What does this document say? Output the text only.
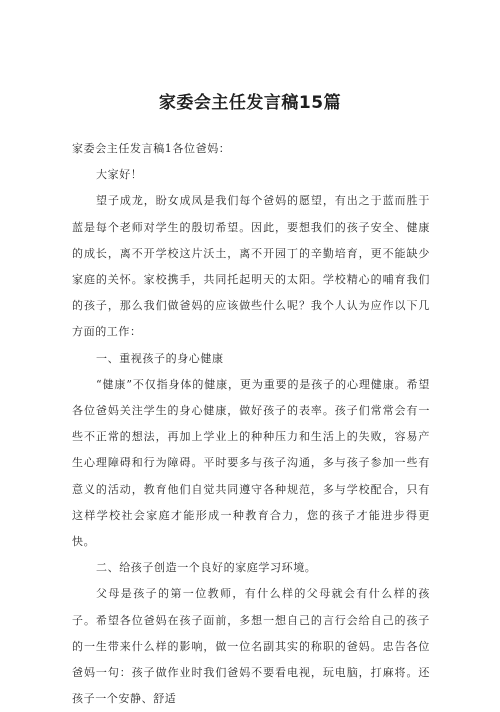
家委会主任发言稿15篇

家委会主任发言稿1各位爸妈：

大家好！

望子成龙，盼女成凤是我们每个爸妈的愿望，有出之于蓝而胜于蓝是每个老师对学生的殷切希望。因此，要想我们的孩子安全、健康的成长，离不开学校这片沃土，离不开园丁的辛勤培育，更不能缺少家庭的关怀。家校携手，共同托起明天的太阳。学校精心的哺育我们的孩子，那么我们做爸妈的应该做些什么呢？我个人认为应作以下几方面的工作：

一、重视孩子的身心健康

“健康”不仅指身体的健康，更为重要的是孩子的心理健康。希望各位爸妈关注学生的身心健康，做好孩子的表率。孩子们常常会有一些不正常的想法，再加上学业上的种种压力和生活上的失败，容易产生心理障碍和行为障碍。平时要多与孩子沟通，多与孩子参加一些有意义的活动，教育他们自觉共同遵守各种规范，多与学校配合，只有这样学校社会家庭才能形成一种教育合力，您的孩子才能进步得更快。

二、给孩子创造一个良好的家庭学习环境。

父母是孩子的第一位教师，有什么样的父母就会有什么样的孩子。希望各位爸妈在孩子面前，多想一想自己的言行会给自己的孩子的一生带来什么样的影响，做一位名副其实的称职的爸妈。忠告各位爸妈一句：孩子做作业时我们爸妈不要看电视，玩电脑，打麻将。还孩子一个安静、舒适
